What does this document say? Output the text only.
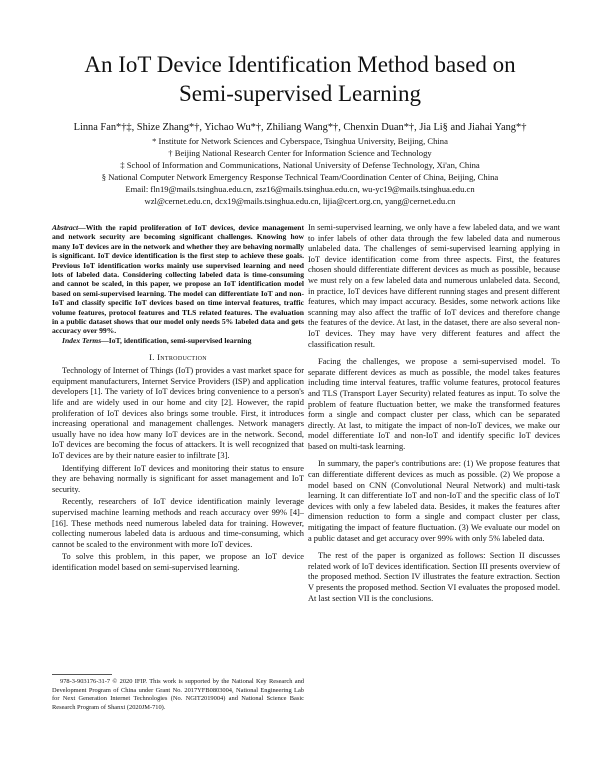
An IoT Device Identification Method based on
Semi-supervised Learning
Linna Fan*†‡, Shize Zhang*†, Yichao Wu*†, Zhiliang Wang*†, Chenxin Duan*†, Jia Li§ and Jiahai Yang*†
* Institute for Network Sciences and Cyberspace, Tsinghua University, Beijing, China
† Beijing National Research Center for Information Science and Technology
‡ School of Information and Communications, National University of Defense Technology, Xi'an, China
§ National Computer Network Emergency Response Technical Team/Coordination Center of China, Beijing, China
Email: fln19@mails.tsinghua.edu.cn, zsz16@mails.tsinghua.edu.cn, wu-yc19@mails.tsinghua.edu.cn
wzl@cernet.edu.cn, dcx19@mails.tsinghua.edu.cn, lijia@cert.org.cn, yang@cernet.edu.cn

Abstract—With the rapid proliferation of IoT devices, device management and network security are becoming significant challenges. Knowing how many IoT devices are in the network and whether they are behaving normally is significant. IoT device identification is the first step to achieve these goals. Previous IoT identification works mainly use supervised learning and need lots of labeled data. Considering collecting labeled data is time-consuming and cannot be scaled, in this paper, we propose an IoT identification model based on semi-supervised learning. The model can differentiate IoT and non-IoT and classify specific IoT devices based on time interval features, traffic volume features, protocol features and TLS related features. The evaluation in a public dataset shows that our model only needs 5% labeled data and gets accuracy over 99%.

Index Terms—IoT, identification, semi-supervised learning

I. Introduction

Technology of Internet of Things (IoT) provides a vast market space for equipment manufacturers, Internet Service Providers (ISP) and application developers [1]. The variety of IoT devices bring convenience to a person's life and are widely used in our home and city [2]. However, the rapid proliferation of IoT devices also brings some trouble. First, it introduces increasing operational and management challenges. Network managers usually have no idea how many IoT devices are in the network. Second, IoT devices are becoming the focus of attackers. It is well recognized that IoT devices are by their nature easier to infiltrate [3].

Identifying different IoT devices and monitoring their status to ensure they are behaving normally is significant for asset management and IoT security.

Recently, researchers of IoT device identification mainly leverage supervised machine learning methods and reach accuracy over 99% [4]–[16]. These methods need numerous labeled data for training. However, collecting numerous labeled data is arduous and time-consuming, which cannot be scaled to the environment with more IoT devices.

To solve this problem, in this paper, we propose an IoT device identification model based on semi-supervised learning.

In semi-supervised learning, we only have a few labeled data, and we want to infer labels of other data through the few labeled data and numerous unlabeled data. The challenges of semi-supervised learning applying in IoT device identification come from three aspects. First, the features chosen should differentiate different devices as much as possible, because we must rely on a few labeled data and numerous unlabeled data. Second, in practice, IoT devices have different running stages and present different features, which may impact accuracy. Besides, some network actions like scanning may also affect the traffic of IoT devices and therefore change the features of the device. At last, in the dataset, there are also several non-IoT devices. They may have very different features and affect the classification result.

Facing the challenges, we propose a semi-supervised model. To separate different devices as much as possible, the model takes features including time interval features, traffic volume features, protocol features and TLS (Transport Layer Security) related features as input. To solve the problem of feature fluctuation better, we make the transformed features form a single and compact cluster per class, which can be separated directly. At last, to mitigate the impact of non-IoT devices, we make our model differentiate IoT and non-IoT and identify specific IoT devices based on multi-task learning.

In summary, the paper's contributions are: (1) We propose features that can differentiate different devices as much as possible. (2) We propose a model based on CNN (Convolutional Neural Network) and multi-task learning. It can differentiate IoT and non-IoT and the specific class of IoT devices with only a few labeled data. Besides, it makes the features after dimension reduction to form a single and compact cluster per class, mitigating the impact of feature fluctuation. (3) We evaluate our model on a public dataset and get accuracy over 99% with only 5% labeled data.

The rest of the paper is organized as follows: Section II discusses related work of IoT devices identification. Section III presents overview of the proposed method. Section IV illustrates the feature extraction. Section V presents the proposed method. Section VI evaluates the proposed model. At last section VII is the conclusions.

978-3-903176-31-7 © 2020 IFIP. This work is supported by the National Key Research and Development Program of China under Grant No. 2017YFB0803004, National Engineering Lab for Next Generation Internet Technologies (No. NGIT2019004) and National Science Basic Research Program of Shanxi (2020JM-710).
